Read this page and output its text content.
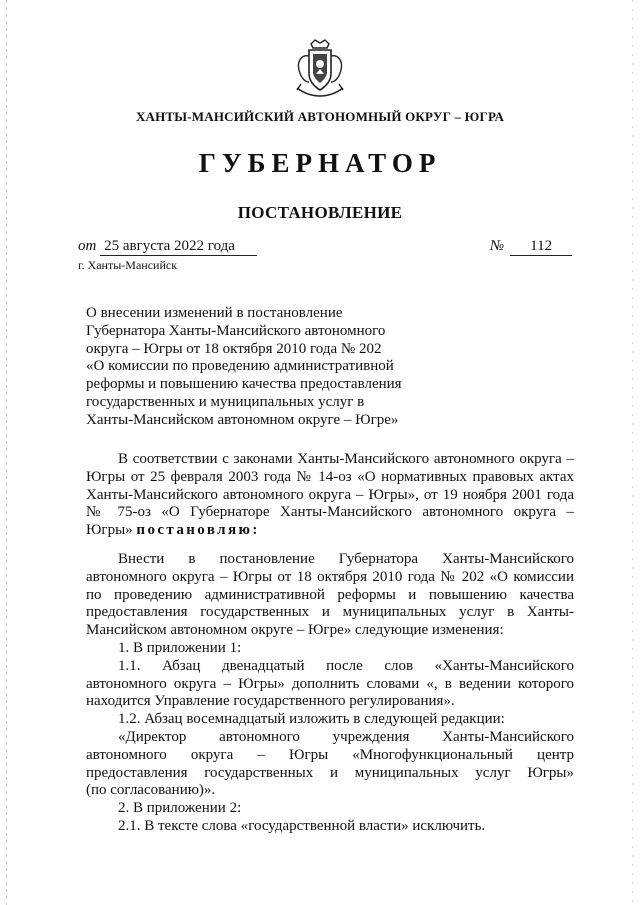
ХАНТЫ-МАНСИЙСКИЙ АВТОНОМНЫЙ ОКРУГ – ЮГРА
ГУБЕРНАТОР
ПОСТАНОВЛЕНИЕ
от 25 августа 2022 года	№ 112
г. Ханты-Мансийск
О внесении изменений в постановление
Губернатора Ханты-Мансийского автономного
округа – Югры от 18 октября 2010 года № 202
«О комиссии по проведению административной
реформы и повышению качества предоставления
государственных и муниципальных услуг в
Ханты-Мансийском автономном округе – Югре»
В соответствии с законами Ханты-Мансийского автономного округа –
Югры от 25 февраля 2003 года № 14-оз «О нормативных правовых актах
Ханты-Мансийского автономного округа – Югры», от 19 ноября 2001 года
№ 75-оз «О Губернаторе Ханты-Мансийского автономного округа –
Югры» постановляю:
Внести в постановление Губернатора Ханты-Мансийского
автономного округа – Югры от 18 октября 2010 года № 202 «О комиссии
по проведению административной реформы и повышению качества
предоставления государственных и муниципальных услуг в Ханты-
Мансийском автономном округе – Югре» следующие изменения:
1. В приложении 1:
1.1. Абзац двенадцатый после слов «Ханты-Мансийского
автономного округа – Югры» дополнить словами «, в ведении которого
находится Управление государственного регулирования».
1.2. Абзац восемнадцатый изложить в следующей редакции:
«Директор автономного учреждения Ханты-Мансийского
автономного округа – Югры «Многофункциональный центр
предоставления государственных и муниципальных услуг Югры»
(по согласованию)».
2. В приложении 2:
2.1. В тексте слова «государственной власти» исключить.
